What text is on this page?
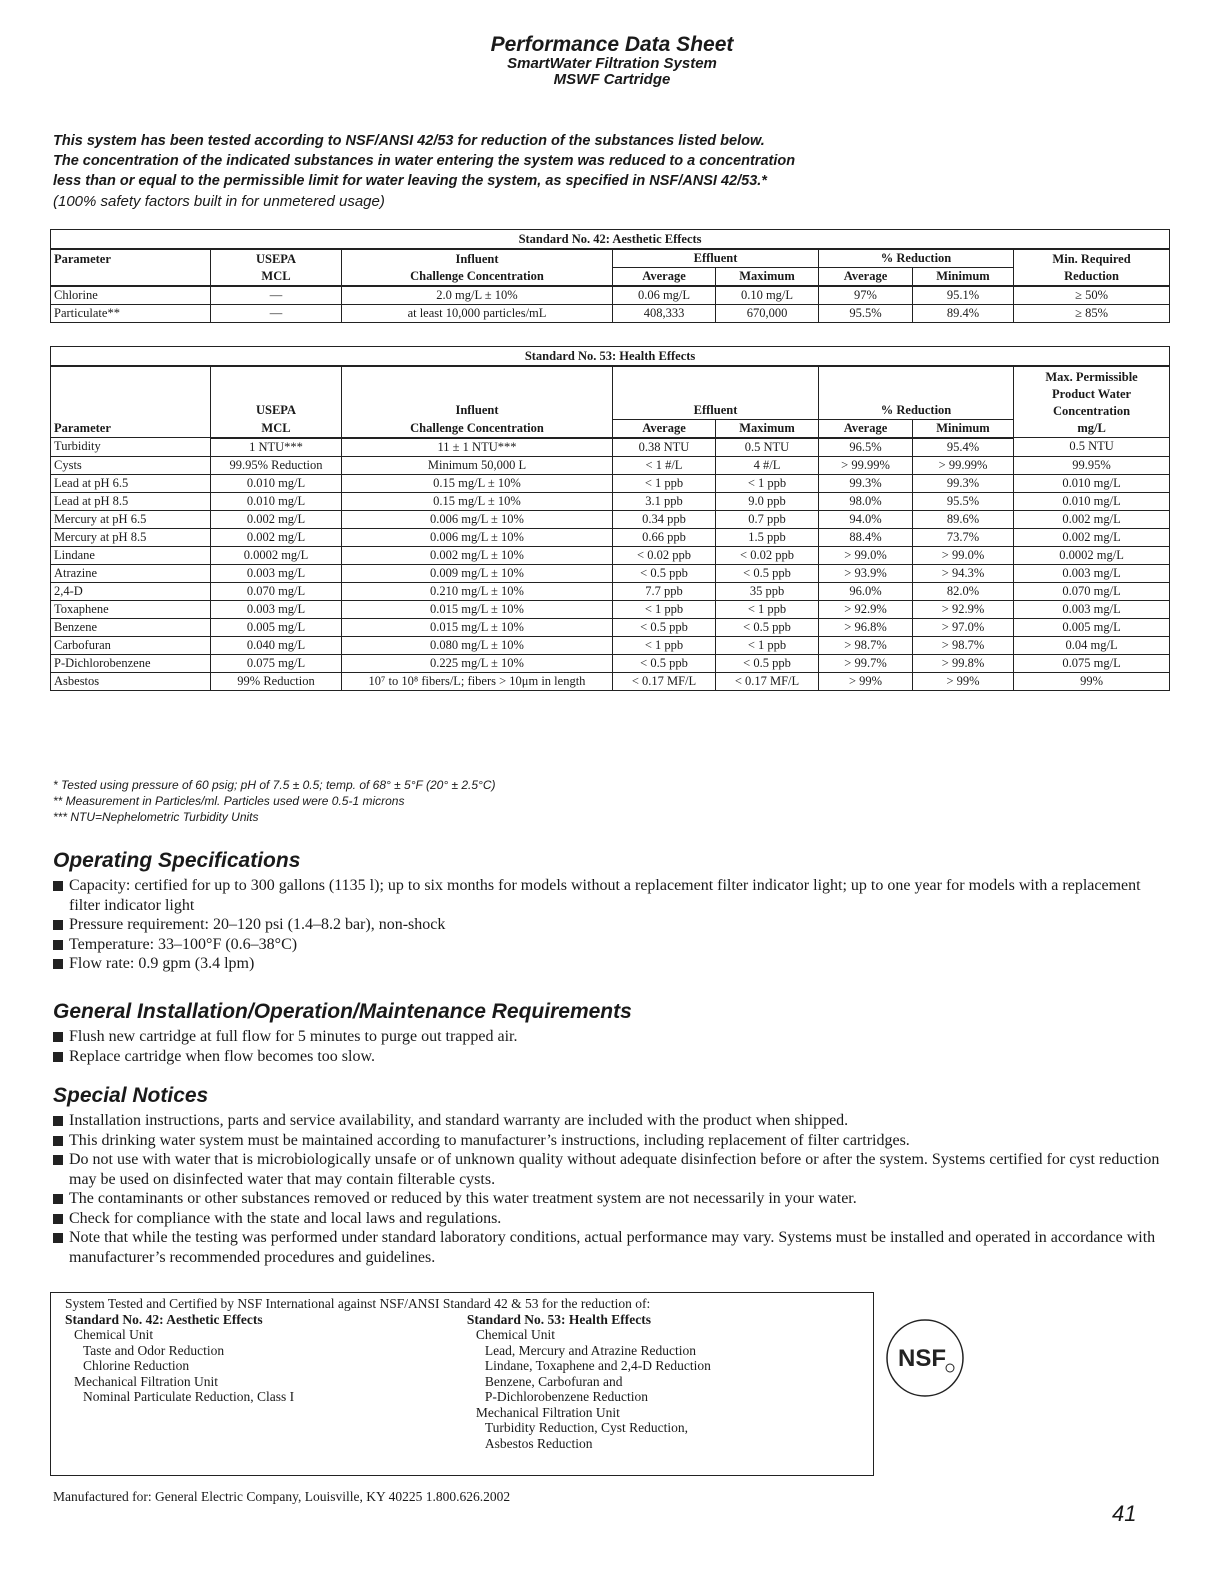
Performance Data Sheet
SmartWater Filtration System
MSWF Cartridge
This system has been tested according to NSF/ANSI 42/53 for reduction of the substances listed below.
The concentration of the indicated substances in water entering the system was reduced to a concentration
less than or equal to the permissible limit for water leaving the system, as specified in NSF/ANSI 42/53.*
(100% safety factors built in for unmetered usage)
Standard No. 42: Aesthetic Effects							
Parameter	USEPA	Influent	Effluent		% Reduction		Min. Required
	MCL	Challenge Concentration	Average	Maximum	Average	Minimum	Reduction
Chlorine	—	2.0 mg/L ± 10%	0.06 mg/L	0.10 mg/L	97%	95.1%	≥ 50%
Particulate**	—	at least 10,000 particles/mL	408,333	670,000	95.5%	89.4%	≥ 85%
Standard No. 53: Health Effects							
Parameter	USEPA	Influent	Effluent		% Reduction		Max. Permissible
Product Water
Concentration
mg/L

	MCL	Challenge Concentration	Average	Maximum	Average	Minimum	
Turbidity	1 NTU***	11 ± 1 NTU***	0.38 NTU	0.5 NTU	96.5%	95.4%	0.5 NTU
Cysts	99.95% Reduction	Minimum 50,000 L	< 1 #/L	4 #/L	> 99.99%	> 99.99%	99.95%
Lead at pH 6.5	0.010 mg/L	0.15 mg/L ± 10%	< 1 ppb	< 1 ppb	99.3%	99.3%	0.010 mg/L
Lead at pH 8.5	0.010 mg/L	0.15 mg/L ± 10%	3.1 ppb	9.0 ppb	98.0%	95.5%	0.010 mg/L
Mercury at pH 6.5	0.002 mg/L	0.006 mg/L ± 10%	0.34 ppb	0.7 ppb	94.0%	89.6%	0.002 mg/L
Mercury at pH 8.5	0.002 mg/L	0.006 mg/L ± 10%	0.66 ppb	1.5 ppb	88.4%	73.7%	0.002 mg/L
Lindane	0.0002 mg/L	0.002 mg/L ± 10%	< 0.02 ppb	< 0.02 ppb	> 99.0%	> 99.0%	0.0002 mg/L
Atrazine	0.003 mg/L	0.009 mg/L ± 10%	< 0.5 ppb	< 0.5 ppb	> 93.9%	> 94.3%	0.003 mg/L
2,4-D	0.070 mg/L	0.210 mg/L ± 10%	7.7 ppb	35 ppb	96.0%	82.0%	0.070 mg/L
Toxaphene	0.003 mg/L	0.015 mg/L ± 10%	< 1 ppb	< 1 ppb	> 92.9%	> 92.9%	0.003 mg/L
Benzene	0.005 mg/L	0.015 mg/L ± 10%	< 0.5 ppb	< 0.5 ppb	> 96.8%	> 97.0%	0.005 mg/L
Carbofuran	0.040 mg/L	0.080 mg/L ± 10%	< 1 ppb	< 1 ppb	> 98.7%	> 98.7%	0.04 mg/L
P-Dichlorobenzene	0.075 mg/L	0.225 mg/L ± 10%	< 0.5 ppb	< 0.5 ppb	> 99.7%	> 99.8%	0.075 mg/L
Asbestos	99% Reduction	10⁷ to 10⁸ fibers/L; fibers > 10μm in length	< 0.17 MF/L	< 0.17 MF/L	> 99%	> 99%	99%
* Tested using pressure of 60 psig; pH of 7.5 ± 0.5; temp. of 68° ± 5°F (20° ± 2.5°C)
** Measurement in Particles/ml. Particles used were 0.5-1 microns
*** NTU=Nephelometric Turbidity Units
Operating Specifications
Capacity: certified for up to 300 gallons (1135 l); up to six months for models without a replacement filter indicator light; up to one year for models with a replacement filter indicator light
Pressure requirement: 20–120 psi (1.4–8.2 bar), non-shock
Temperature: 33–100°F (0.6–38°C)
Flow rate: 0.9 gpm (3.4 lpm)
General Installation/Operation/Maintenance Requirements
Flush new cartridge at full flow for 5 minutes to purge out trapped air.
Replace cartridge when flow becomes too slow.
Special Notices
Installation instructions, parts and service availability, and standard warranty are included with the product when shipped.
This drinking water system must be maintained according to manufacturer’s instructions, including replacement of filter cartridges.
Do not use with water that is microbiologically unsafe or of unknown quality without adequate disinfection before or after the system. Systems certified for cyst reduction may be used on disinfected water that may contain filterable cysts.
The contaminants or other substances removed or reduced by this water treatment system are not necessarily in your water.
Check for compliance with the state and local laws and regulations.
Note that while the testing was performed under standard laboratory conditions, actual performance may vary. Systems must be installed and operated in accordance with manufacturer’s recommended procedures and guidelines.
System Tested and Certified by NSF International against NSF/ANSI Standard 42 & 53 for the reduction of:
Standard No. 42: Aesthetic Effects
Chemical Unit
Taste and Odor Reduction
Chlorine Reduction
Mechanical Filtration Unit
Nominal Particulate Reduction, Class I
Standard No. 53: Health Effects
Chemical Unit
Lead, Mercury and Atrazine Reduction
Lindane, Toxaphene and 2,4-D Reduction
Benzene, Carbofuran and
P-Dichlorobenzene Reduction
Mechanical Filtration Unit
Turbidity Reduction, Cyst Reduction,
Asbestos Reduction
NSF
Manufactured for: General Electric Company, Louisville, KY 40225 1.800.626.2002
41
